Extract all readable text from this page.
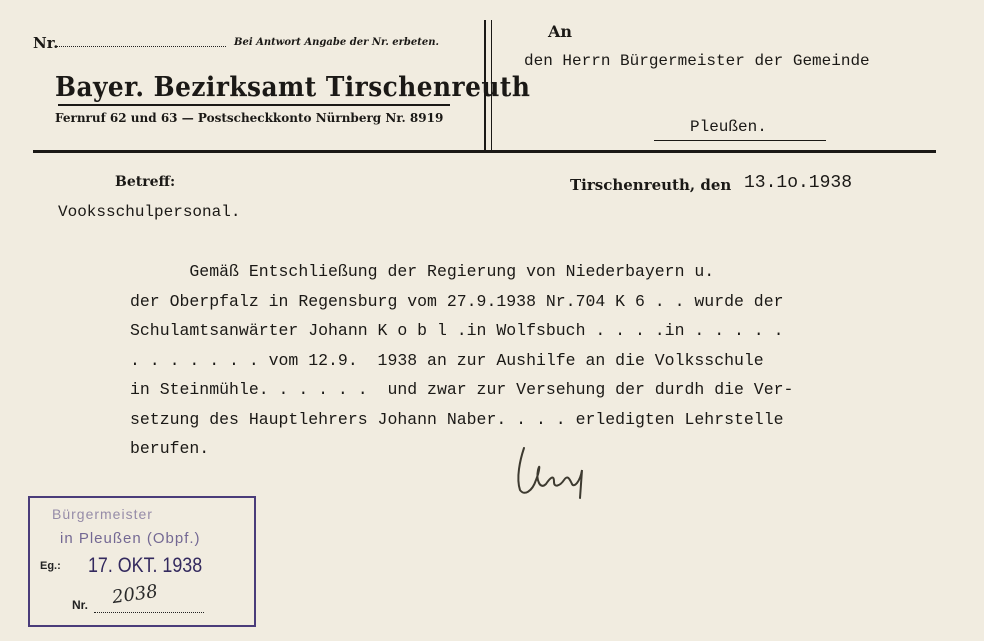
Nr.	Bei Antwort Angabe der Nr. erbeten.
Bayer. Bezirksamt Tirschenreuth
Fernruf 62 und 63 — Postscheckkonto Nürnberg Nr. 8919
An
den Herrn Bürgermeister der Gemeinde
Pleußen.
Betreff:
Vooksschulpersonal.
Tirschenreuth, den 13.1o.1938
Gemäß Entschließung der Regierung von Niederbayern u.
der Oberpfalz in Regensburg vom 27.9.1938 Nr.704 K 6 . . wurde der
Schulamtsanwärter Johann K o b l .in Wolfsbuch . . . .in . . . . .
. . . . . . . vom 12.9.  1938 an zur Aushilfe an die Volksschule
in Steinmühle. . . . . .  und zwar zur Versehung der durdh die Ver-
setzung des Hauptlehrers Johann Naber. . . . erledigten Lehrstelle
berufen.
Bürgermeister
in Pleußen (Obpf.)
Eg.: 17. OKT. 1938
Nr. 2038
